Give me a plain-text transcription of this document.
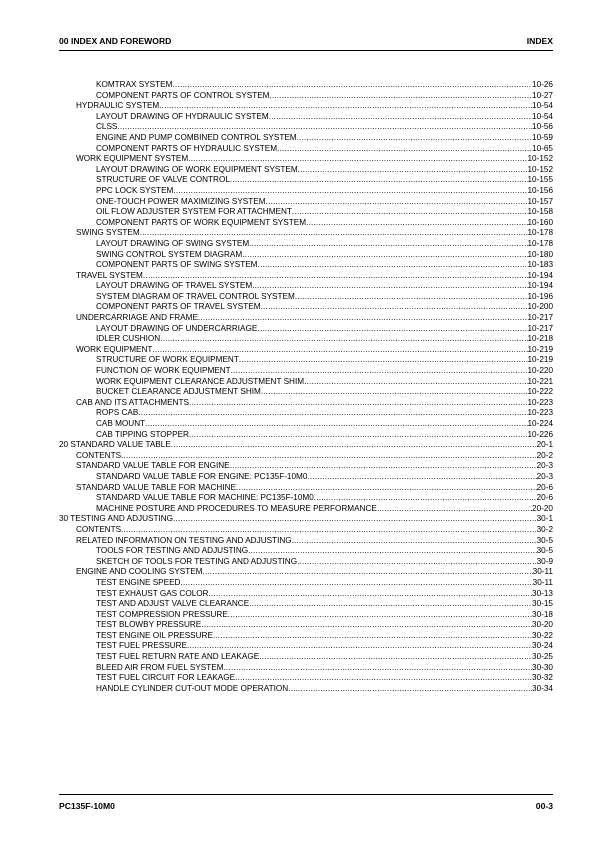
00 INDEX AND FOREWORD	INDEX
KOMTRAX SYSTEM .....	10-26
COMPONENT PARTS OF CONTROL SYSTEM .....	10-27
HYDRAULIC SYSTEM .....	10-54
LAYOUT DRAWING OF HYDRAULIC SYSTEM .....	10-54
CLSS .....	10-56
ENGINE AND PUMP COMBINED CONTROL SYSTEM .....	10-59
COMPONENT PARTS OF HYDRAULIC SYSTEM .....	10-65
WORK EQUIPMENT SYSTEM .....	10-152
LAYOUT DRAWING OF WORK EQUIPMENT SYSTEM .....	10-152
STRUCTURE OF VALVE CONTROL .....	10-155
PPC LOCK SYSTEM .....	10-156
ONE-TOUCH POWER MAXIMIZING SYSTEM .....	10-157
OIL FLOW ADJUSTER SYSTEM FOR ATTACHMENT .....	10-158
COMPONENT PARTS OF WORK EQUIPMENT SYSTEM .....	10-160
SWING SYSTEM .....	10-178
LAYOUT DRAWING OF SWING SYSTEM .....	10-178
SWING CONTROL SYSTEM DIAGRAM .....	10-180
COMPONENT PARTS OF SWING SYSTEM .....	10-183
TRAVEL SYSTEM .....	10-194
LAYOUT DRAWING OF TRAVEL SYSTEM .....	10-194
SYSTEM DIAGRAM OF TRAVEL CONTROL SYSTEM .....	10-196
COMPONENT PARTS OF TRAVEL SYSTEM .....	10-200
UNDERCARRIAGE AND FRAME .....	10-217
LAYOUT DRAWING OF UNDERCARRIAGE .....	10-217
IDLER CUSHION .....	10-218
WORK EQUIPMENT .....	10-219
STRUCTURE OF WORK EQUIPMENT .....	10-219
FUNCTION OF WORK EQUIPMENT .....	10-220
WORK EQUIPMENT CLEARANCE ADJUSTMENT SHIM .....	10-221
BUCKET CLEARANCE ADJUSTMENT SHIM .....	10-222
CAB AND ITS ATTACHMENTS .....	10-223
ROPS CAB .....	10-223
CAB MOUNT .....	10-224
CAB TIPPING STOPPER .....	10-226
20 STANDARD VALUE TABLE .....	20-1
CONTENTS .....	20-2
STANDARD VALUE TABLE FOR ENGINE .....	20-3
STANDARD VALUE TABLE FOR ENGINE: PC135F-10M0 .....	20-3
STANDARD VALUE TABLE FOR MACHINE .....	20-6
STANDARD VALUE TABLE FOR MACHINE: PC135F-10M0 .....	20-6
MACHINE POSTURE AND PROCEDURES TO MEASURE PERFORMANCE .....	20-20
30 TESTING AND ADJUSTING .....	30-1
CONTENTS .....	30-2
RELATED INFORMATION ON TESTING AND ADJUSTING .....	30-5
TOOLS FOR TESTING AND ADJUSTING .....	30-5
SKETCH OF TOOLS FOR TESTING AND ADJUSTING .....	30-9
ENGINE AND COOLING SYSTEM .....	30-11
TEST ENGINE SPEED .....	30-11
TEST EXHAUST GAS COLOR .....	30-13
TEST AND ADJUST VALVE CLEARANCE .....	30-15
TEST COMPRESSION PRESSURE .....	30-18
TEST BLOWBY PRESSURE .....	30-20
TEST ENGINE OIL PRESSURE .....	30-22
TEST FUEL PRESSURE .....	30-24
TEST FUEL RETURN RATE AND LEAKAGE .....	30-25
BLEED AIR FROM FUEL SYSTEM .....	30-30
TEST FUEL CIRCUIT FOR LEAKAGE .....	30-32
HANDLE CYLINDER CUT-OUT MODE OPERATION .....	30-34
PC135F-10M0	00-3
